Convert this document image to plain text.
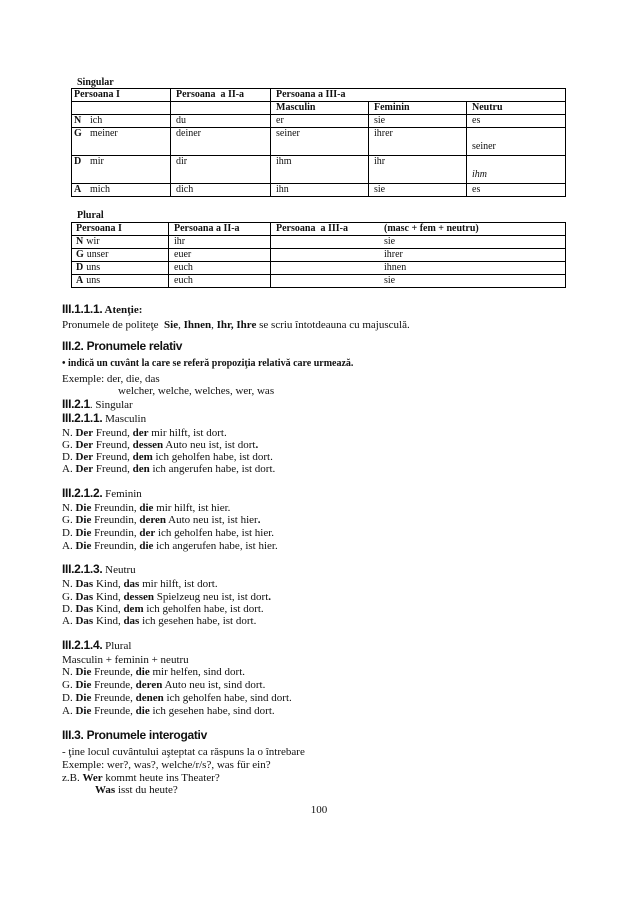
Singular
Persoana I	Persoana  a II-a	Persoana a III-a		
		Masculin	Feminin	Neutru
N ich	du	er	sie	es
G meiner	deiner	seiner	ihrer	seiner
D mir	dir	ihm	ihr	ihm
A mich	dich	ihn	sie	es
Plural
Persoana I	Persoana a II-a	Persoana  a III-a (masc + fem + neutru)
N wir	ihr	sie
G unser	euer	ihrer
D uns	euch	ihnen
A uns	euch	sie
III.1.1.1. Atenţie:
Pronumele de politeţe  Sie, Ihnen, Ihr, Ihre se scriu întotdeauna cu majusculă.
III.2. Pronumele relativ
• indică un cuvânt la care se referă propoziţia relativă care urmează.
Exemple: der, die, das
welcher, welche, welches, wer, was
III.2.1. Singular
III.2.1.1. Masculin
N. Der Freund, der mir hilft, ist dort.
G. Der Freund, dessen Auto neu ist, ist dort.
D. Der Freund, dem ich geholfen habe, ist dort.
A. Der Freund, den ich angerufen habe, ist dort.
III.2.1.2. Feminin
N. Die Freundin, die mir hilft, ist hier.
G. Die Freundin, deren Auto neu ist, ist hier.
D. Die Freundin, der ich geholfen habe, ist hier.
A. Die Freundin, die ich angerufen habe, ist hier.
III.2.1.3. Neutru
N. Das Kind, das mir hilft, ist dort.
G. Das Kind, dessen Spielzeug neu ist, ist dort.
D. Das Kind, dem ich geholfen habe, ist dort.
A. Das Kind, das ich gesehen habe, ist dort.
III.2.1.4. Plural
Masculin + feminin + neutru
N. Die Freunde, die mir helfen, sind dort.
G. Die Freunde, deren Auto neu ist, sind dort.
D. Die Freunde, denen ich geholfen habe, sind dort.
A. Die Freunde, die ich gesehen habe, sind dort.
III.3. Pronumele interogativ
- ţine locul cuvântului aşteptat ca răspuns la o întrebare
Exemple: wer?, was?, welche/r/s?, was für ein?
z.B. Wer kommt heute ins Theater?
Was isst du heute?
100
